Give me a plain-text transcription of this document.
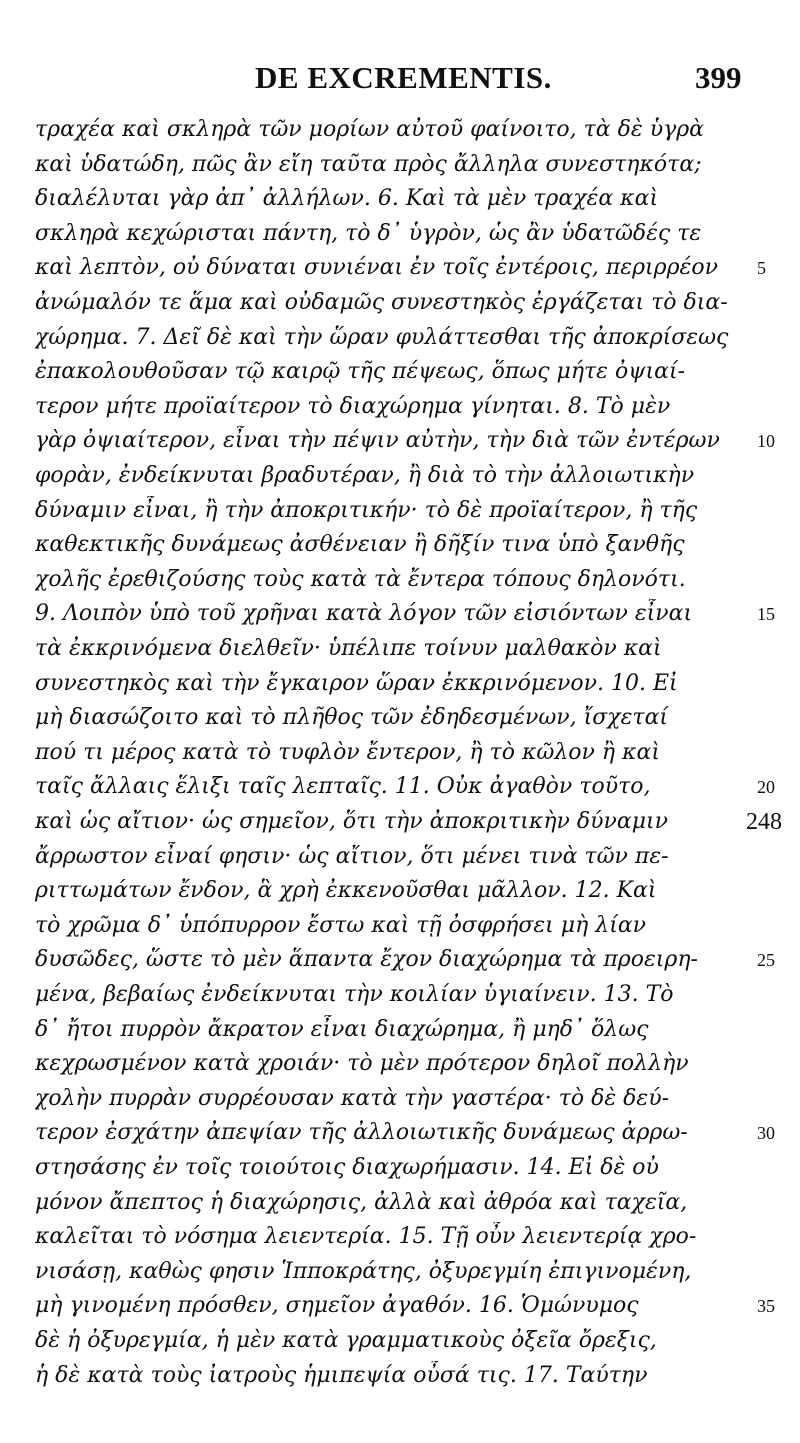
DE EXCREMENTIS.	399
τραχέα καὶ σκληρὰ τῶν μορίων αὐτοῦ φαίνοιτο, τὰ δὲ ὑγρὰ
καὶ ὑδατώδη, πῶς ἂν εἴη ταῦτα πρὸς ἄλληλα συνεστηκότα;
διαλέλυται γὰρ ἀπ᾽ ἀλλήλων. 6. Καὶ τὰ μὲν τραχέα καὶ
σκληρὰ κεχώρισται πάντη, τὸ δ᾽ ὑγρὸν, ὡς ἂν ὑδατῶδές τε
καὶ λεπτὸν, οὐ δύναται συνιέναι ἐν τοῖς ἐντέροις, περιρρέον
ἀνώμαλόν τε ἅμα καὶ οὐδαμῶς συνεστηκὸς ἐργάζεται τὸ δια-
χώρημα. 7. Δεῖ δὲ καὶ τὴν ὥραν φυλάττεσθαι τῆς ἀποκρίσεως
ἐπακολουθοῦσαν τῷ καιρῷ τῆς πέψεως, ὅπως μήτε ὀψιαί-
τερον μήτε προϊαίτερον τὸ διαχώρημα γίνηται. 8. Τὸ μὲν
γὰρ ὀψιαίτερον, εἶναι τὴν πέψιν αὐτὴν, τὴν διὰ τῶν ἐντέρων
φορὰν, ἐνδείκνυται βραδυτέραν, ἢ διὰ τὸ τὴν ἀλλοιωτικὴν
δύναμιν εἶναι, ἢ τὴν ἀποκριτικήν· τὸ δὲ προϊαίτερον, ἢ τῆς
καθεκτικῆς δυνάμεως ἀσθένειαν ἢ δῆξίν τινα ὑπὸ ξανθῆς
χολῆς ἐρεθιζούσης τοὺς κατὰ τὰ ἔντερα τόπους δηλονότι.
9. Λοιπὸν ὑπὸ τοῦ χρῆναι κατὰ λόγον τῶν εἰσιόντων εἶναι
τὰ ἐκκρινόμενα διελθεῖν· ὑπέλιπε τοίνυν μαλθακὸν καὶ
συνεστηκὸς καὶ τὴν ἔγκαιρον ὥραν ἐκκρινόμενον. 10. Εἰ
μὴ διασώζοιτο καὶ τὸ πλῆθος τῶν ἐδηδεσμένων, ἴσχεταί
πού τι μέρος κατὰ τὸ τυφλὸν ἔντερον, ἢ τὸ κῶλον ἢ καὶ
ταῖς ἄλλαις ἕλιξι ταῖς λεπταῖς. 11. Οὐκ ἀγαθὸν τοῦτο,
καὶ ὡς αἴτιον· ὡς σημεῖον, ὅτι τὴν ἀποκριτικὴν δύναμιν
ἄρρωστον εἶναί φησιν· ὡς αἴτιον, ὅτι μένει τινὰ τῶν πε-
ριττωμάτων ἔνδον, ἃ χρὴ ἐκκενοῦσθαι μᾶλλον. 12. Καὶ
τὸ χρῶμα δ᾽ ὑπόπυρρον ἔστω καὶ τῇ ὀσφρήσει μὴ λίαν
δυσῶδες, ὥστε τὸ μὲν ἅπαντα ἔχον διαχώρημα τὰ προειρη-
μένα, βεβαίως ἐνδείκνυται τὴν κοιλίαν ὑγιαίνειν. 13. Τὸ
δ᾽ ἤτοι πυρρὸν ἄκρατον εἶναι διαχώρημα, ἢ μηδ᾽ ὅλως
κεχρωσμένον κατὰ χροιάν· τὸ μὲν πρότερον δηλοῖ πολλὴν
χολὴν πυρρὰν συρρέουσαν κατὰ τὴν γαστέρα· τὸ δὲ δεύ-
τερον ἐσχάτην ἀπεψίαν τῆς ἀλλοιωτικῆς δυνάμεως ἀρρω-
στησάσης ἐν τοῖς τοιούτοις διαχωρήμασιν. 14. Εἰ δὲ οὐ
μόνον ἄπεπτος ἡ διαχώρησις, ἀλλὰ καὶ ἀθρόα καὶ ταχεῖα,
καλεῖται τὸ νόσημα λειεντερία. 15. Τῇ οὖν λειεντερίᾳ χρο-
νισάσῃ, καθὼς φησιν Ἱπποκράτης, ὀξυρεγμίη ἐπιγινομένη,
μὴ γινομένη πρόσθεν, σημεῖον ἀγαθόν. 16. Ὁμώνυμος
δὲ ἡ ὀξυρεγμία, ἡ μὲν κατὰ γραμματικοὺς ὀξεῖα ὄρεξις,
ἡ δὲ κατὰ τοὺς ἰατροὺς ἡμιπεψία οὖσά τις. 17. Ταύτην
5
10
15
20
25
30
35
248
